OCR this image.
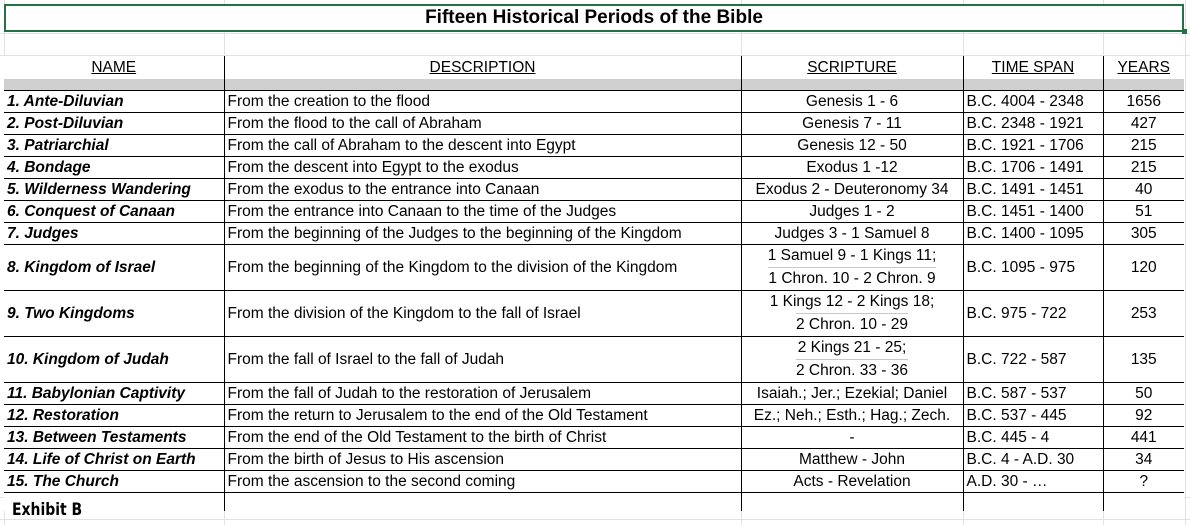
Fifteen Historical Periods of the Bible
NAME	DESCRIPTION	SCRIPTURE	TIME SPAN	YEARS

1. Ante-Diluvian	From the creation to the flood	Genesis 1 - 6	B.C. 4004 - 2348	1656
2. Post-Diluvian	From the flood to the call of Abraham	Genesis 7 - 11	B.C. 2348 - 1921	427
3. Patriarchial	From the call of Abraham to the descent into Egypt	Genesis 12 - 50	B.C. 1921 - 1706	215
4. Bondage	From the descent into Egypt to the exodus	Exodus 1 -12	B.C. 1706 - 1491	215
5. Wilderness Wandering	From the exodus to the entrance into Canaan	Exodus 2 - Deuteronomy 34	B.C. 1491 - 1451	40
6. Conquest of Canaan	From the entrance into Canaan to the time of the Judges	Judges 1 - 2	B.C. 1451 - 1400	51
7. Judges	From the beginning of the Judges to the beginning of the Kingdom	Judges 3 - 1 Samuel 8	B.C. 1400 - 1095	305
8. Kingdom of Israel	From the beginning of the Kingdom to the division of the Kingdom	1 Samuel 9 - 1 Kings 11;
1 Chron. 10 - 2 Chron. 9	B.C. 1095 - 975	120
9. Two Kingdoms	From the division of the Kingdom to the fall of Israel	1 Kings 12 - 2 Kings 18;
2 Chron. 10 - 29	B.C. 975 - 722	253
10. Kingdom of Judah	From the fall of Israel to the fall of Judah	2 Kings 21 - 25;
2 Chron. 33 - 36	B.C. 722 - 587	135
11. Babylonian Captivity	From the fall of Judah to the restoration of Jerusalem	Isaiah.; Jer.; Ezekial; Daniel	B.C. 587 - 537	50
12. Restoration	From the return to Jerusalem to the end of the Old Testament	Ez.; Neh.; Esth.; Hag.; Zech.	B.C. 537 - 445	92
13. Between Testaments	From the end of the Old Testament to the birth of Christ	-	B.C. 445 - 4	441
14. Life of Christ on Earth	From the birth of Jesus to His ascension	Matthew - John	B.C. 4 - A.D. 30	34
15. The Church	From the ascension to the second coming	Acts - Revelation	A.D. 30 - …	?

Exhibit B
